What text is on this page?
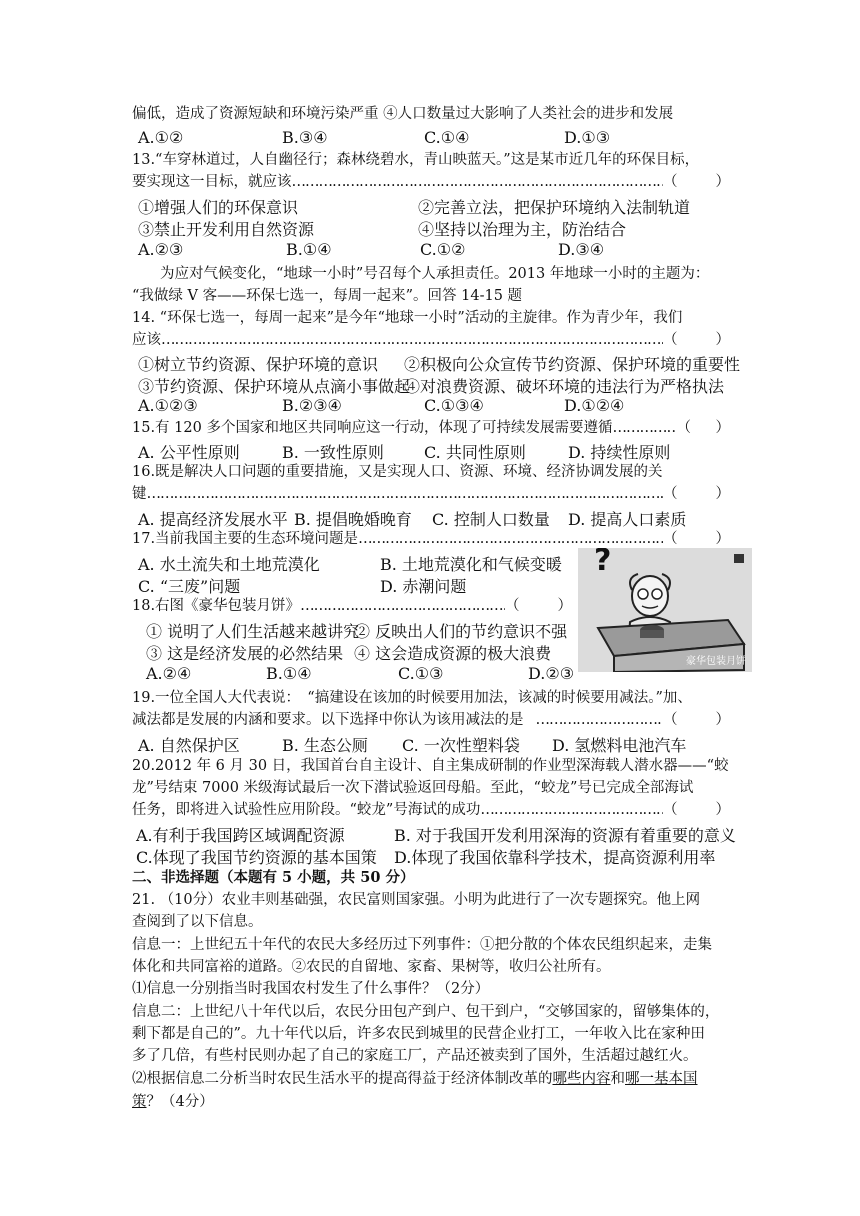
偏低，造成了资源短缺和环境污染严重 ④人口数量过大影响了人类社会的进步和发展
A.①②	B.③④	C.①④	D.①③
13.“车穿林道过，人自幽径行；森林绕碧水，青山映蓝天。”这是某市近几年的环保目标，
要实现这一目标，就应该 …………………………………………………………………………………………………………………………………………………	（	）
①增强人们的环保意识	②完善立法，把保护环境纳入法制轨道
③禁止开发利用自然资源	④坚持以治理为主，防治结合
A.②③	B.①④	C.①②	D.③④
为应对气候变化，“地球一小时”号召每个人承担责任。2013 年地球一小时的主题为：
“我做绿 V 客——环保七选一，每周一起来”。回答 14-15 题
14. “环保七选一，每周一起来”是今年“地球一小时”活动的主旋律。作为青少年，我们
应该 …………………………………………………………………………………………………………………………………………………	（	）
①树立节约资源、保护环境的意识 ②积极向公众宣传节约资源、保护环境的重要性
③节约资源、保护环境从点滴小事做起
④对浪费资源、破坏环境的违法行为严格执法
A.①②③	B.②③④	C.①③④	D.①②④
15.有 120 多个国家和地区共同响应这一行动，体现了可持续发展需要遵循 …………………………………………………………………………………………………………………………………………………	（ ）
A. 公平性原则	B. 一致性原则	C. 共同性原则	D. 持续性原则
16.既是解决人口问题的重要措施，又是实现人口、资源、环境、经济协调发展的关
键 …………………………………………………………………………………………………………………………………………………	（	）
A. 提高经济发展水平 B. 提倡晚婚晚育 C. 控制人口数量 D. 提高人口素质
17.当前我国主要的生态环境问题是 …………………………………………………………………………………………………………………………………………………	（	）
A. 水土流失和土地荒漠化	B. 土地荒漠化和气候变暖
C. “三废”问题	D. 赤潮问题
18.右图《豪华包装月饼》 …………………………………………………………………………………………………………………………………………………	（	）
① 说明了人们生活越来越讲究
② 反映出人们的节约意识不强
③ 这是经济发展的必然结果 ④ 这会造成资源的极大浪费
A.②④	B.①④	C.①③	D.②③
?
豪华包装月饼
19.一位全国人大代表说：　“搞建设在该加的时候要用加法，该减的时候要用减法。”加、
减法都是发展的内涵和要求。以下选择中你认为该用减法的是 …………………………………………………………………………………………………………………………………………………	（	）
A. 自然保护区	B. 生态公厕 C. 一次性塑料袋 D. 氢燃料电池汽车
20.2012 年 6 月 30 日，我国首台自主设计、自主集成研制的作业型深海载人潜水器——“蛟
龙”号结束 7000 米级海试最后一次下潜试验返回母船。至此，“蛟龙”号已完成全部海试
任务，即将进入试验性应用阶段。“蛟龙”号海试的成功 …………………………………………………………………………………………………………………………………………………	（	）
A.有利于我国跨区域调配资源	B. 对于我国开发利用深海的资源有着重要的意义
C.体现了我国节约资源的基本国策 D.体现了我国依靠科学技术，提高资源利用率
二、非选择题（本题有 5 小题，共 50 分）
21. （10分）农业丰则基础强，农民富则国家强。小明为此进行了一次专题探究。他上网
查阅到了以下信息。
信息一：上世纪五十年代的农民大多经历过下列事件：①把分散的个体农民组织起来，走集
体化和共同富裕的道路。②农民的自留地、家畜、果树等，收归公社所有。
⑴信息一分别指当时我国农村发生了什么事件？（2分）
信息二：上世纪八十年代以后，农民分田包产到户、包干到户，“交够国家的，留够集体的，
剩下都是自己的”。九十年代以后，许多农民到城里的民营企业打工，一年收入比在家种田
多了几倍，有些村民则办起了自己的家庭工厂，产品还被卖到了国外，生活超过越红火。
⑵根据信息二分析当时农民生活水平的提高得益于经济体制改革的哪些内容和哪一基本国
策？（4分）
